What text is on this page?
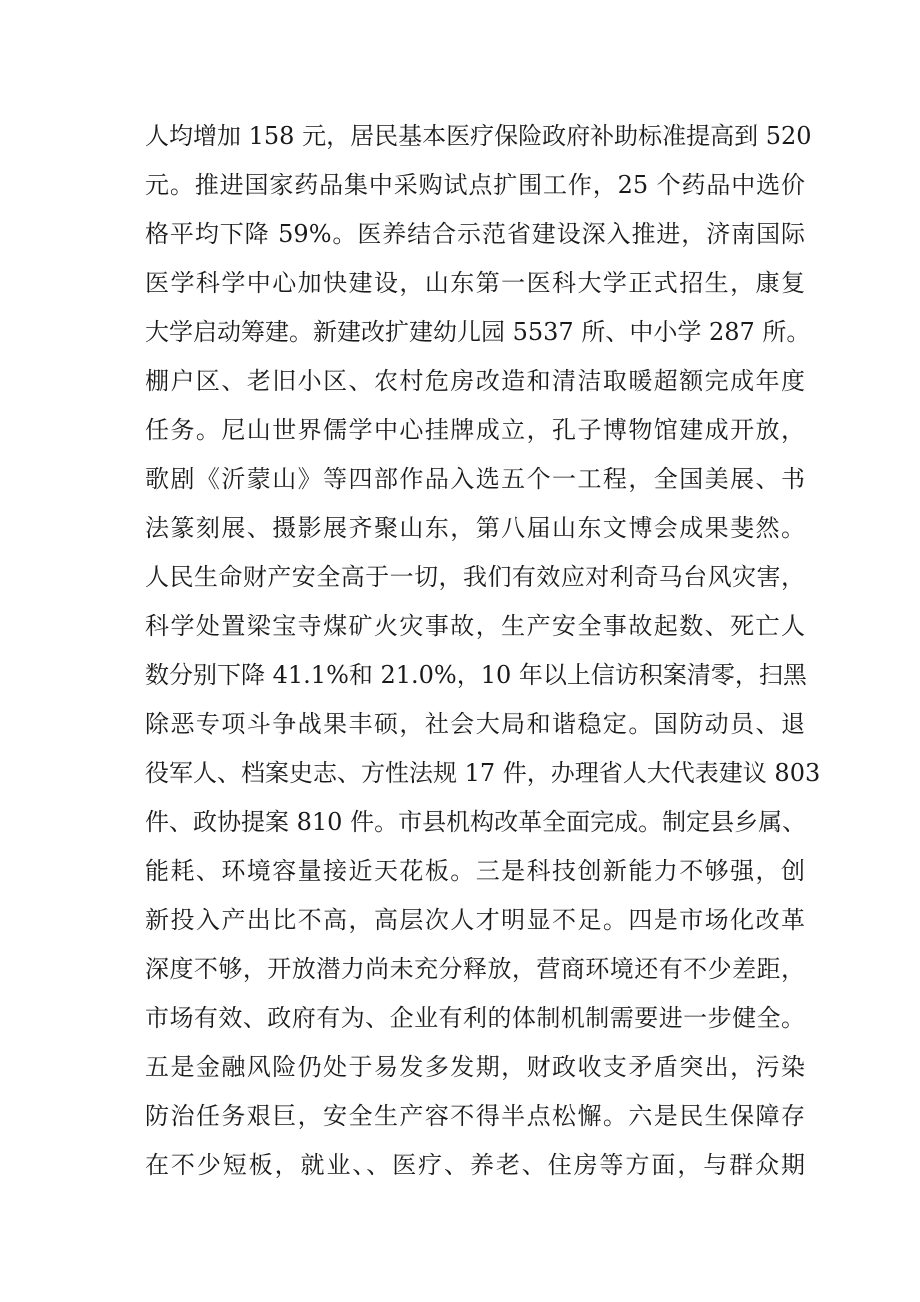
人均增加 158 元，居民基本医疗保险政府补助标准提高到 520
元。推进国家药品集中采购试点扩围工作，25 个药品中选价
格平均下降 59%。医养结合示范省建设深入推进，济南国际
医学科学中心加快建设，山东第一医科大学正式招生，康复
大学启动筹建。新建改扩建幼儿园 5537 所、中小学 287 所。
棚户区、老旧小区、农村危房改造和清洁取暖超额完成年度
任务。尼山世界儒学中心挂牌成立，孔子博物馆建成开放，
歌剧《沂蒙山》等四部作品入选五个一工程，全国美展、书
法篆刻展、摄影展齐聚山东，第八届山东文博会成果斐然。
人民生命财产安全高于一切，我们有效应对利奇马台风灾害，
科学处置梁宝寺煤矿火灾事故，生产安全事故起数、死亡人
数分别下降 41.1%和 21.0%，10 年以上信访积案清零，扫黑
除恶专项斗争战果丰硕，社会大局和谐稳定。国防动员、退
役军人、档案史志、方性法规 17 件，办理省人大代表建议 803
件、政协提案 810 件。市县机构改革全面完成。制定县乡属、
能耗、环境容量接近天花板。三是科技创新能力不够强，创
新投入产出比不高，高层次人才明显不足。四是市场化改革
深度不够，开放潜力尚未充分释放，营商环境还有不少差距，
市场有效、政府有为、企业有利的体制机制需要进一步健全。
五是金融风险仍处于易发多发期，财政收支矛盾突出，污染
防治任务艰巨，安全生产容不得半点松懈。六是民生保障存
在不少短板，就业、、医疗、养老、住房等方面，与群众期
